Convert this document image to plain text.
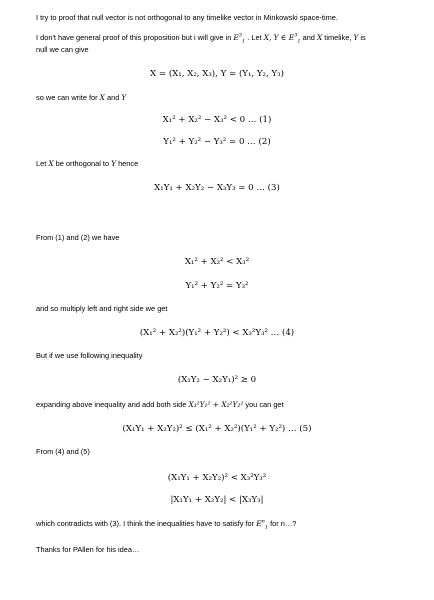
I try to proof that null vector is not orthogonal to any timelike vector in Minkowski space-time.
I don't have general proof of this proposition but i will give in $E^3_1$ . Let X, Y ∈ $E^3_1$ and X timelike, Y is
null we can give
X = (X₁, X₂, X₃), Y = (Y₁, Y₂, Y₃)
so we can write for X and Y
X₁² + X₂² − X₃² < 0 … (1)
Y₁² + Y₂² − Y₃² = 0 … (2)
Let X be orthogonal to Y hence
X₁Y₁ + X₂Y₂ − X₃Y₃ = 0 … (3)
From (1) and (2) we have
X₁² + X₂² < X₃²
Y₁² + Y₂² = Y₃²
and so multiply left and right side we get
(X₁² + X₂²)(Y₁² + Y₂²) < X₃²Y₃² … (4)
But if we use following inequality
(X₁Y₂ − X₂Y₁)² ≥ 0
expanding above inequality and add both side X₁²Y₁² + X₂²Y₂² you can get
(X₁Y₁ + X₂Y₂)² ≤ (X₁² + X₂²)(Y₁² + Y₂²) … (5)
From (4) and (5)
(X₁Y₁ + X₂Y₂)² < X₃²Y₃²
|X₁Y₁ + X₂Y₂| < |X₃Y₃|
which contradicts with (3). I think the inequalities have to satisfy for $E^n_1$ for n…?
Thanks for PAllen for his idea…
